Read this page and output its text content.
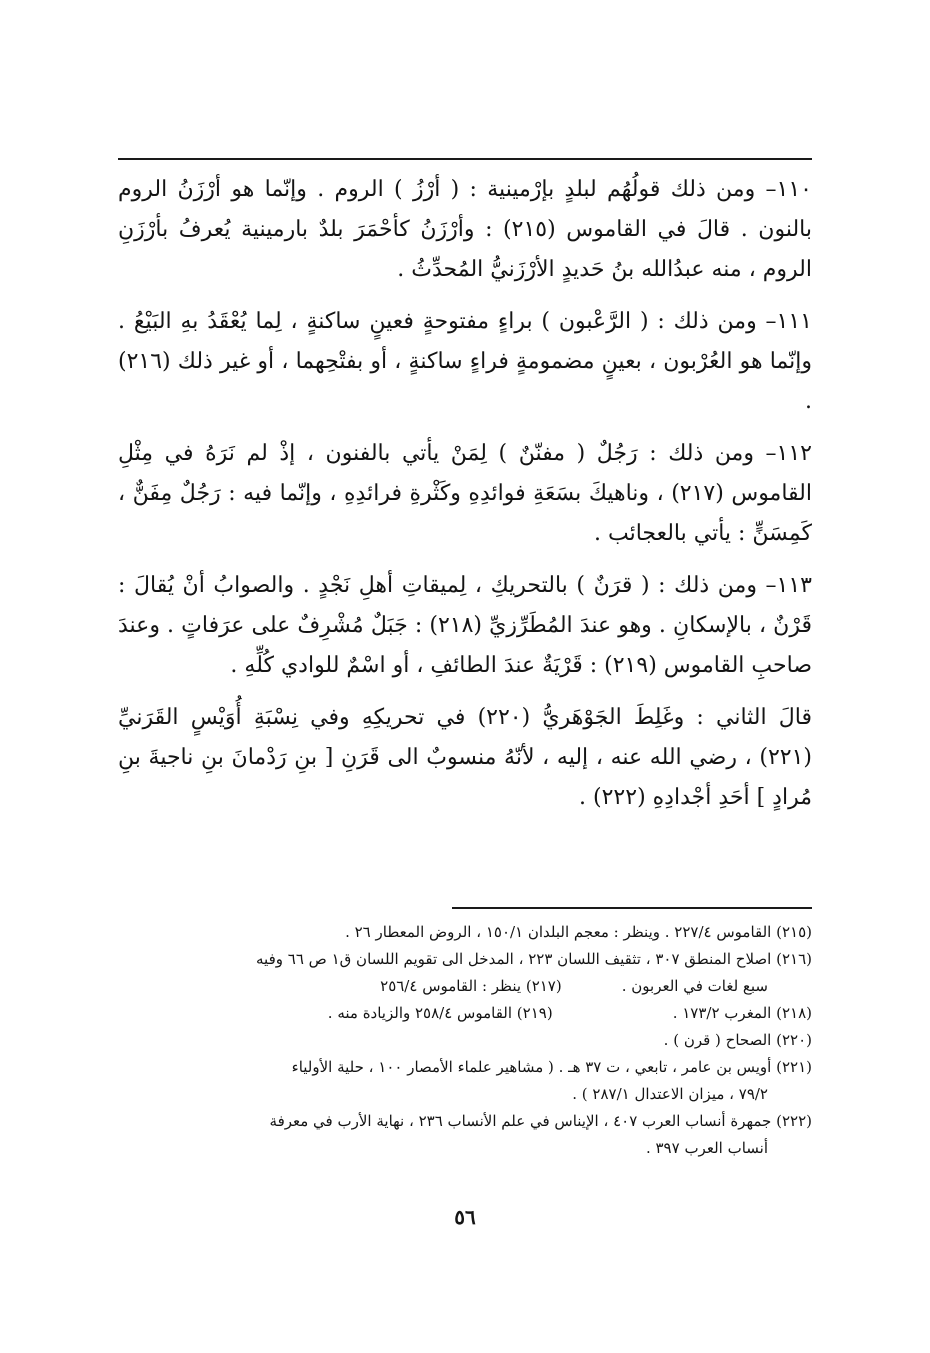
١١٠– ومن ذلك قولُهُم لبلدٍ بإرْمينية : ( أرْزُ ) الروم . وإنّما هو أرْزَنُ الروم بالنون . قالَ في القاموس (٢١٥) : وأرْزَنُ كأحْمَرَ بلدٌ بارمينية يُعرفُ بأرْزَنِ الروم ، منه عبدُالله بنُ حَديدٍ الأرْزَنيُّ المُحدِّثُ .

١١١– ومن ذلك : ( الرَّعْبون ) براءٍ مفتوحةٍ فعينٍ ساكنةٍ ، لِما يُعْقَدُ بهِ البَيْعُ . وإنّما هو العُرْبون ، بعينٍ مضمومةٍ فراءٍ ساكنةٍ ، أو بفتْحِهما ، أو غير ذلك (٢١٦) .

١١٢– ومن ذلك : رَجُلٌ ( مفنّنٌ ) لِمَنْ يأتي بالفنون ، إذْ لم نَرَهُ في مِثْلِ القاموس (٢١٧) ، وناهيكَ بسَعَةِ فوائدِهِ وكَثْرةِ فرائدِهِ ، وإنّما فيه : رَجُلٌ مِفَنٌّ ، كَمِسَنٍّ : يأتي بالعجائب .

١١٣– ومن ذلك : ( قرَنٌ ) بالتحريكِ ، لِميقاتِ أهلِ نَجْدٍ . والصوابُ أنْ يُقالَ : قَرْنٌ ، بالإسكانِ . وهو عندَ المُطَرِّزيِّ (٢١٨) : جَبَلٌ مُشْرِفٌ على عرَفاتٍ . وعندَ صاحبِ القاموس (٢١٩) : قَرْيَةٌ عندَ الطائفِ ، أو اسْمٌ للوادي كُلِّهِ .

قالَ الثاني : وغَلِطَ الجَوْهَريُّ (٢٢٠) في تحريكِهِ وفي نِسْبَةِ أُوَيْسٍ القَرَنيِّ (٢٢١) ، رضي الله عنه ، إليه ، لأنّهُ منسوبٌ الى قَرَنِ [ بنِ رَدْمانَ بنِ ناجيةَ بنِ مُرادٍ ] أحَدِ أجْدادِهِ (٢٢٢) .

(٢١٥) القاموس ٢٢٧/٤ . وينظر : معجم البلدان ١٥٠/١ ، الروض المعطار ٢٦ .

(٢١٦) اصلاح المنطق ٣٠٧ ، تثقيف اللسان ٢٢٣ ، المدخل الى تقويم اللسان ق١ ص ٦٦ وفيه

سبع لغات في العربون .
(٢١٧) ينظر : القاموس ٢٥٦/٤
(٢١٨) المغرب ١٧٣/٢ .
(٢١٩) القاموس ٢٥٨/٤ والزيادة منه .

(٢٢٠) الصحاح ( قرن ) .

(٢٢١) أويس بن عامر ، تابعي ، ت ٣٧ هـ . ( مشاهير علماء الأمصار ١٠٠ ، حلية الأولياء

٧٩/٢ ، ميزان الاعتدال ٢٨٧/١ ) .

(٢٢٢) جمهرة أنساب العرب ٤٠٧ ، الإيناس في علم الأنساب ٢٣٦ ، نهاية الأرب في معرفة

أنساب العرب ٣٩٧ .

٥٦
